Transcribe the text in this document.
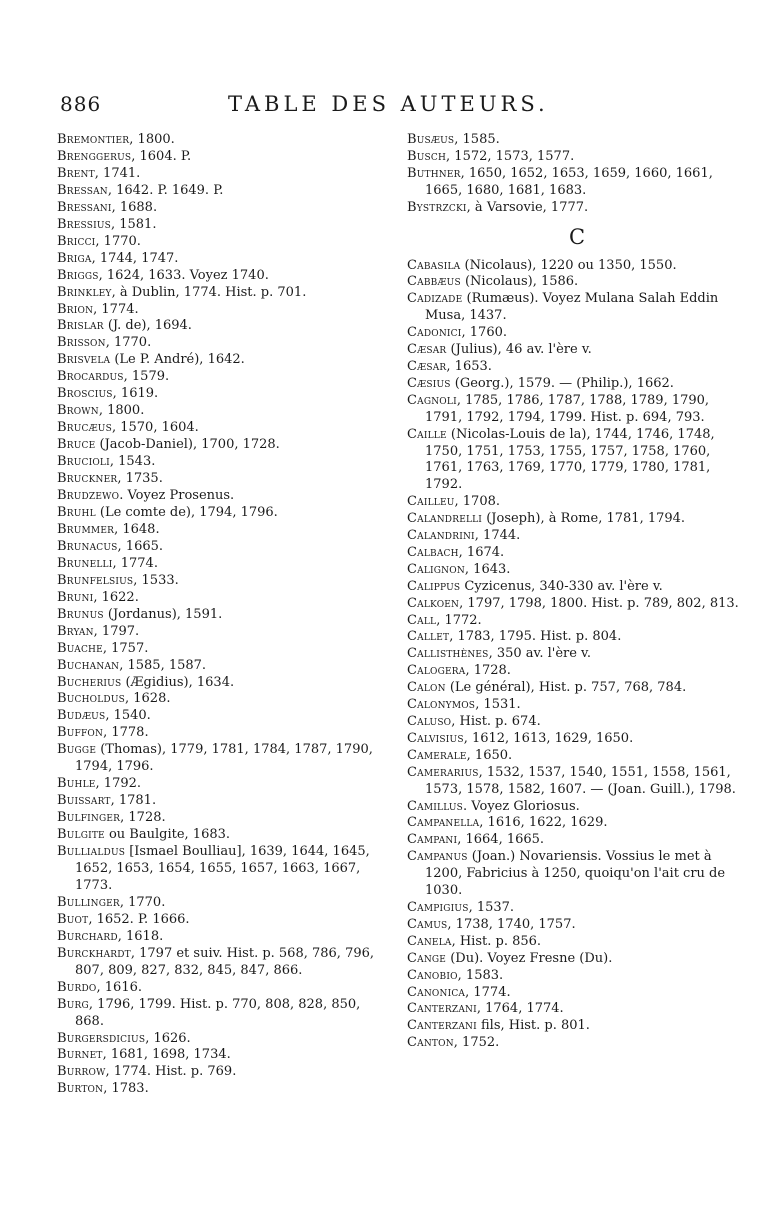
886	TABLE DES AUTEURS.
Bremontier, 1800.
Brenggerus, 1604. P.
Brent, 1741.
Bressan, 1642. P. 1649. P.
Bressani, 1688.
Bressius, 1581.
Bricci, 1770.
Briga, 1744, 1747.
Briggs, 1624, 1633. Voyez 1740.
Brinkley, à Dublin, 1774. Hist. p. 701.
Brion, 1774.
Brislar (J. de), 1694.
Brisson, 1770.
Brisvela (Le P. André), 1642.
Brocardus, 1579.
Broscius, 1619.
Brown, 1800.
Brucæus, 1570, 1604.
Bruce (Jacob-Daniel), 1700, 1728.
Brucioli, 1543.
Bruckner, 1735.
Brudzewo. Voyez Prosenus.
Bruhl (Le comte de), 1794, 1796.
Brummer, 1648.
Brunacus, 1665.
Brunelli, 1774.
Brunfelsius, 1533.
Bruni, 1622.
Brunus (Jordanus), 1591.
Bryan, 1797.
Buache, 1757.
Buchanan, 1585, 1587.
Bucherius (Ægidius), 1634.
Bucholdus, 1628.
Budæus, 1540.
Buffon, 1778.
Bugge (Thomas), 1779, 1781, 1784, 1787, 1790, 1794, 1796.
Buhle, 1792.
Buissart, 1781.
Bulfinger, 1728.
Bulgite ou Baulgite, 1683.
Bullialdus [Ismael Boulliau], 1639, 1644, 1645, 1652, 1653, 1654, 1655, 1657, 1663, 1667, 1773.
Bullinger, 1770.
Buot, 1652. P. 1666.
Burchard, 1618.
Burckhardt, 1797 et suiv. Hist. p. 568, 786, 796, 807, 809, 827, 832, 845, 847, 866.
Burdo, 1616.
Burg, 1796, 1799. Hist. p. 770, 808, 828, 850, 868.
Burgersdicius, 1626.
Burnet, 1681, 1698, 1734.
Burrow, 1774. Hist. p. 769.
Burton, 1783.
Busæus, 1585.
Busch, 1572, 1573, 1577.
Buthner, 1650, 1652, 1653, 1659, 1660, 1661, 1665, 1680, 1681, 1683.
Bystrzcki, à Varsovie, 1777.
C
Cabasila (Nicolaus), 1220 ou 1350, 1550.
Cabbæus (Nicolaus), 1586.
Cadizade (Rumæus). Voyez Mulana Salah Eddin Musa, 1437.
Cadonici, 1760.
Cæsar (Julius), 46 av. l'ère v.
Cæsar, 1653.
Cæsius (Georg.), 1579. — (Philip.), 1662.
Cagnoli, 1785, 1786, 1787, 1788, 1789, 1790, 1791, 1792, 1794, 1799. Hist. p. 694, 793.
Caille (Nicolas-Louis de la), 1744, 1746, 1748, 1750, 1751, 1753, 1755, 1757, 1758, 1760, 1761, 1763, 1769, 1770, 1779, 1780, 1781, 1792.
Cailleu, 1708.
Calandrelli (Joseph), à Rome, 1781, 1794.
Calandrini, 1744.
Calbach, 1674.
Calignon, 1643.
Calippus Cyzicenus, 340-330 av. l'ère v.
Calkoen, 1797, 1798, 1800. Hist. p. 789, 802, 813.
Call, 1772.
Callet, 1783, 1795. Hist. p. 804.
Callisthènes, 350 av. l'ère v.
Calogera, 1728.
Calon (Le général), Hist. p. 757, 768, 784.
Calonymos, 1531.
Caluso, Hist. p. 674.
Calvisius, 1612, 1613, 1629, 1650.
Camerale, 1650.
Camerarius, 1532, 1537, 1540, 1551, 1558, 1561, 1573, 1578, 1582, 1607. — (Joan. Guill.), 1798.
Camillus. Voyez Gloriosus.
Campanella, 1616, 1622, 1629.
Campani, 1664, 1665.
Campanus (Joan.) Novariensis. Vossius le met à 1200, Fabricius à 1250, quoiqu'on l'ait cru de 1030.
Campigius, 1537.
Camus, 1738, 1740, 1757.
Canela, Hist. p. 856.
Cange (Du). Voyez Fresne (Du).
Canobio, 1583.
Canonica, 1774.
Canterzani, 1764, 1774.
Canterzani fils, Hist. p. 801.
Canton, 1752.
